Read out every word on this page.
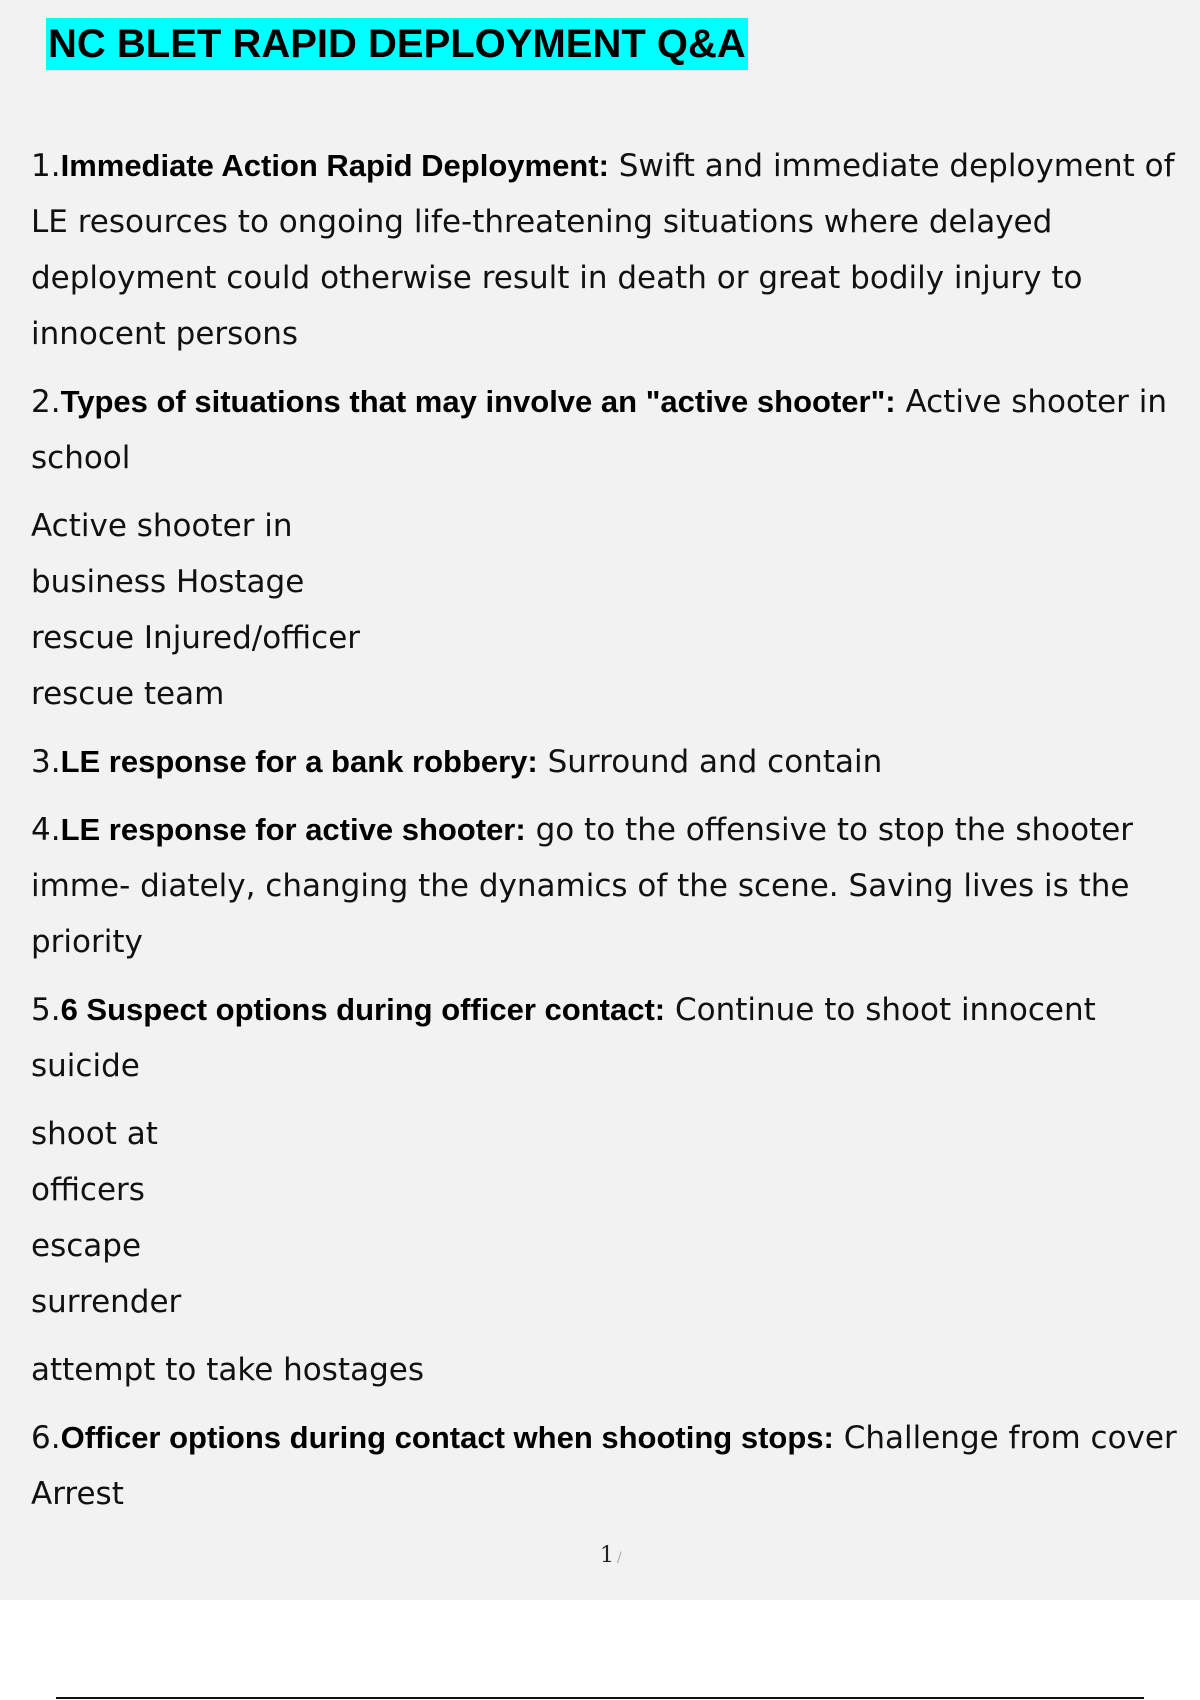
NC BLET RAPID DEPLOYMENT Q&A
1.Immediate Action Rapid Deployment: Swift and immediate deployment of LE resources to ongoing life-threatening situations where delayed deployment could otherwise result in death or great bodily injury to innocent persons
2.Types of situations that may involve an "active shooter": Active shooter in school
Active shooter in
business Hostage
rescue Injured/officer
rescue team
3.LE response for a bank robbery: Surround and contain
4.LE response for active shooter: go to the offensive to stop the shooter imme- diately, changing the dynamics of the scene. Saving lives is the priority
5.6 Suspect options during officer contact: Continue to shoot innocent suicide
shoot at
officers
escape
surrender
attempt to take hostages
6.Officer options during contact when shooting stops: Challenge from cover Arrest
1 /
